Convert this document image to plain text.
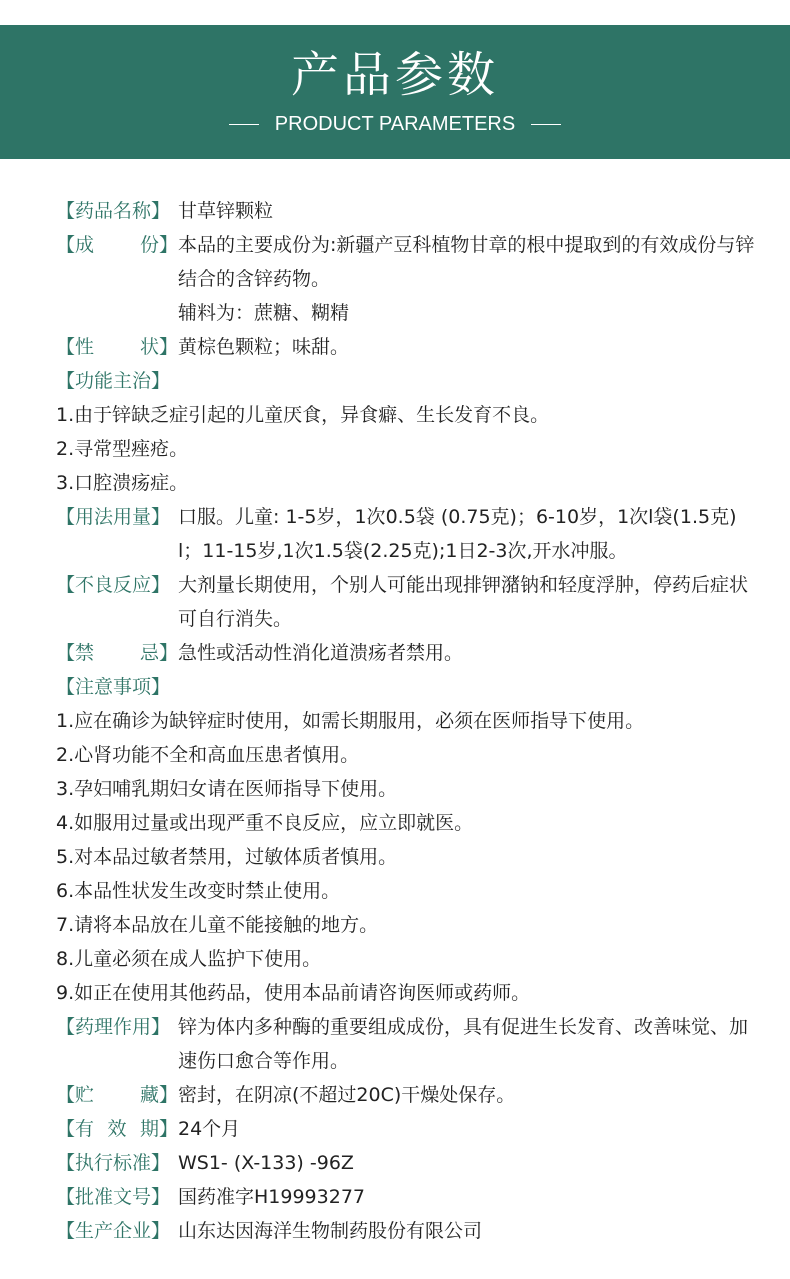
产品参数
PRODUCT PARAMETERS
【药品名称】 甘草锌颗粒
【成 份】 本品的主要成份为:新疆产豆科植物甘章的根中提取到的有效成份与锌结合的含锌药物。
辅料为：蔗糖、糊精
【性 状】 黄棕色颗粒；味甜。
【功能主治】
1.由于锌缺乏症引起的儿童厌食，异食癖、生长发育不良。
2.寻常型痤疮。
3.口腔溃疡症。
【用法用量】 口服。儿童: 1-5岁，1次0.5袋 (0.75克)；6-10岁，1次l袋(1.5克) l；11-15岁,1次1.5袋(2.25克);1日2-3次,开水冲服。
【不良反应】 大剂量长期使用，个别人可能出现排钾潴钠和轻度浮肿，停药后症状可自行消失。
【禁 忌】 急性或活动性消化道溃疡者禁用。
【注意事项】
1.应在确诊为缺锌症时使用，如需长期服用，必须在医师指导下使用。
2.心肾功能不全和高血压患者慎用。
3.孕妇哺乳期妇女请在医师指导下使用。
4.如服用过量或出现严重不良反应，应立即就医。
5.对本品过敏者禁用，过敏体质者慎用。
6.本品性状发生改变时禁止使用。
7.请将本品放在儿童不能接触的地方。
8.儿童必须在成人监护下使用。
9.如正在使用其他药品，使用本品前请咨询医师或药师。
【药理作用】 锌为体内多种酶的重要组成成份，具有促进生长发育、改善味觉、加速伤口愈合等作用。
【贮 藏】 密封，在阴凉(不超过20C)干燥处保存。
【有 效 期】 24个月
【执行标准】 WS1- (X-133) -96Z
【批准文号】 国药准字H19993277
【生产企业】 山东达因海洋生物制药股份有限公司
